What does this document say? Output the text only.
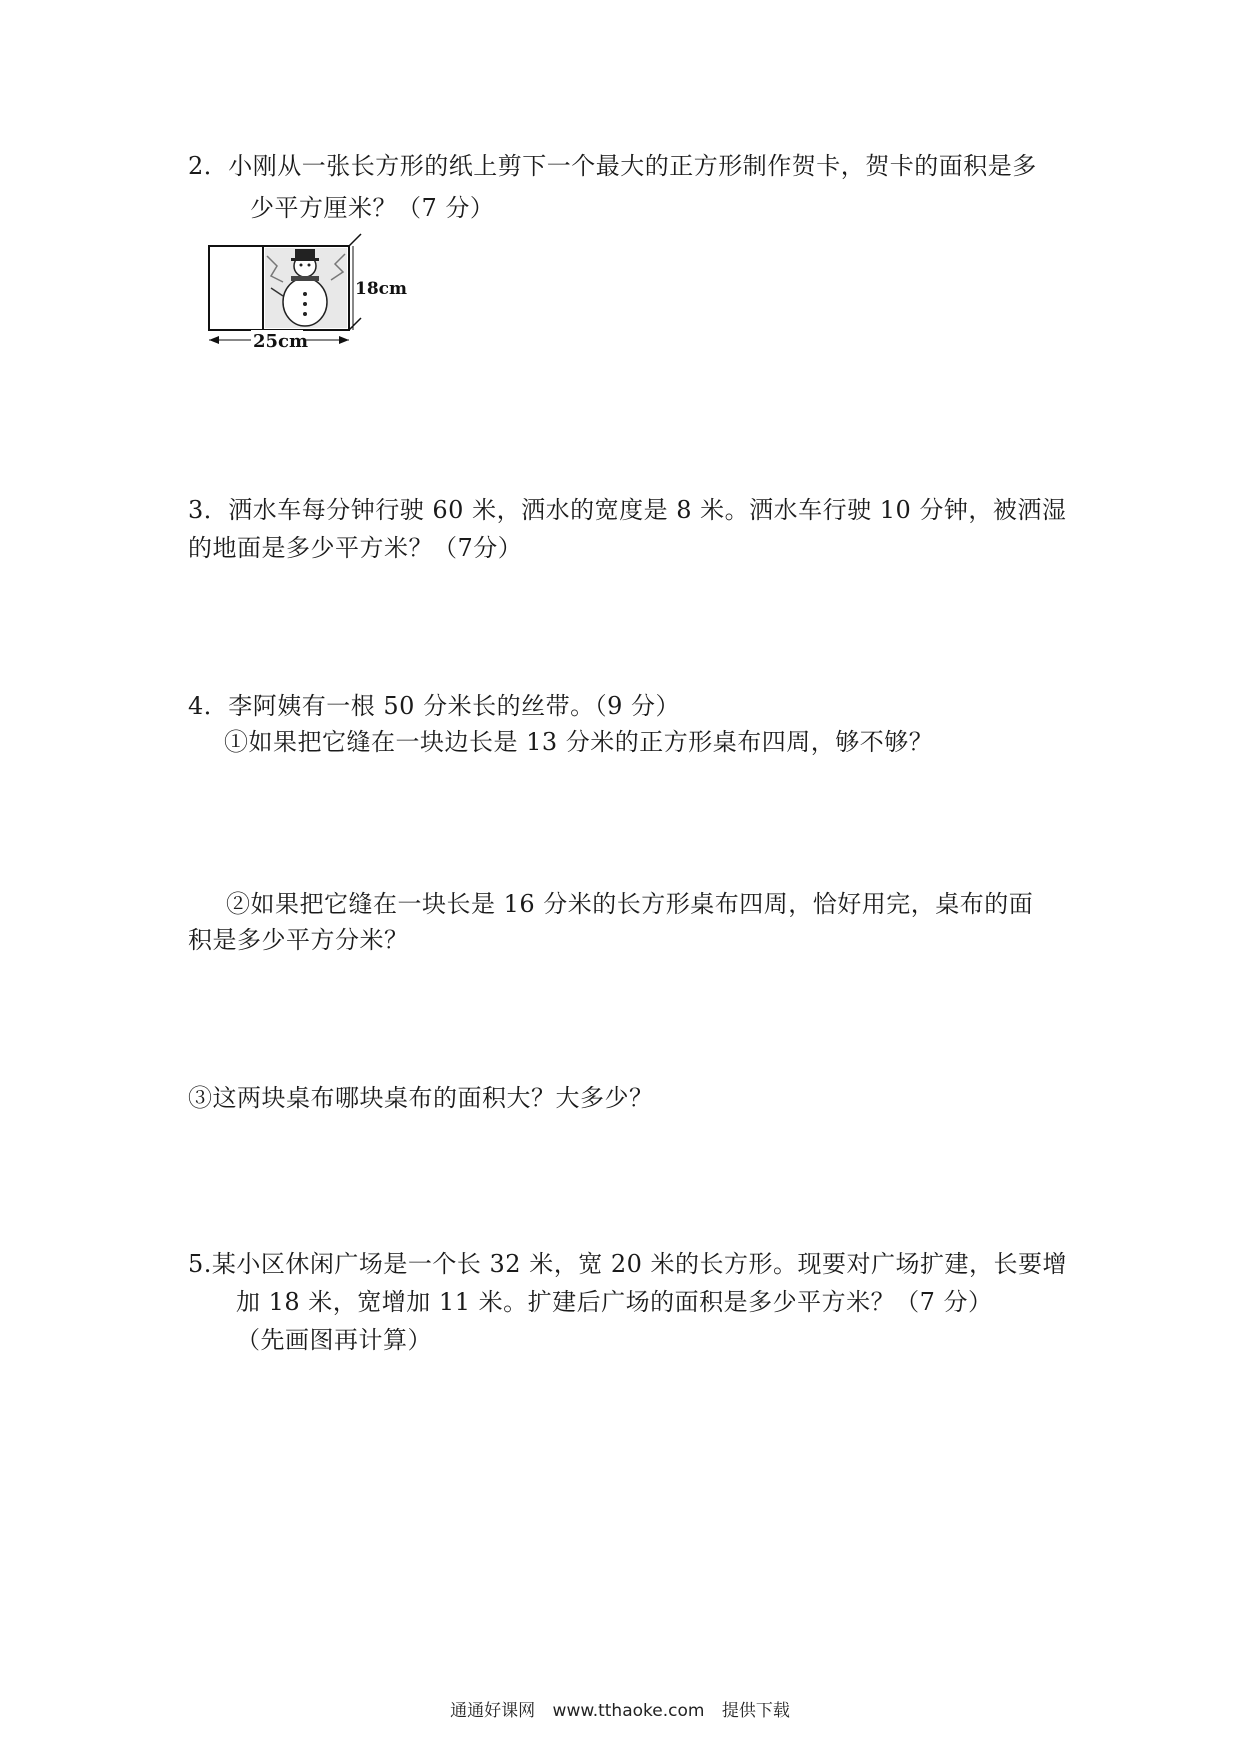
2．小刚从一张长方形的纸上剪下一个最大的正方形制作贺卡，贺卡的面积是多
少平方厘米？（7 分）
18cm
25cm
3．洒水车每分钟行驶 60 米，洒水的宽度是 8 米。洒水车行驶 10 分钟，被洒湿
的地面是多少平方米？（7分）
4．李阿姨有一根 50 分米长的丝带。（9 分）
①如果把它缝在一块边长是 13 分米的正方形桌布四周，够不够？
②如果把它缝在一块长是 16 分米的长方形桌布四周，恰好用完，桌布的面
积是多少平方分米？
③这两块桌布哪块桌布的面积大？大多少？
5.某小区休闲广场是一个长 32 米，宽 20 米的长方形。现要对广场扩建，长要增
加 18 米，宽增加 11 米。扩建后广场的面积是多少平方米？（7 分）
（先画图再计算）
通通好课网 www.tthaoke.com 提供下载
